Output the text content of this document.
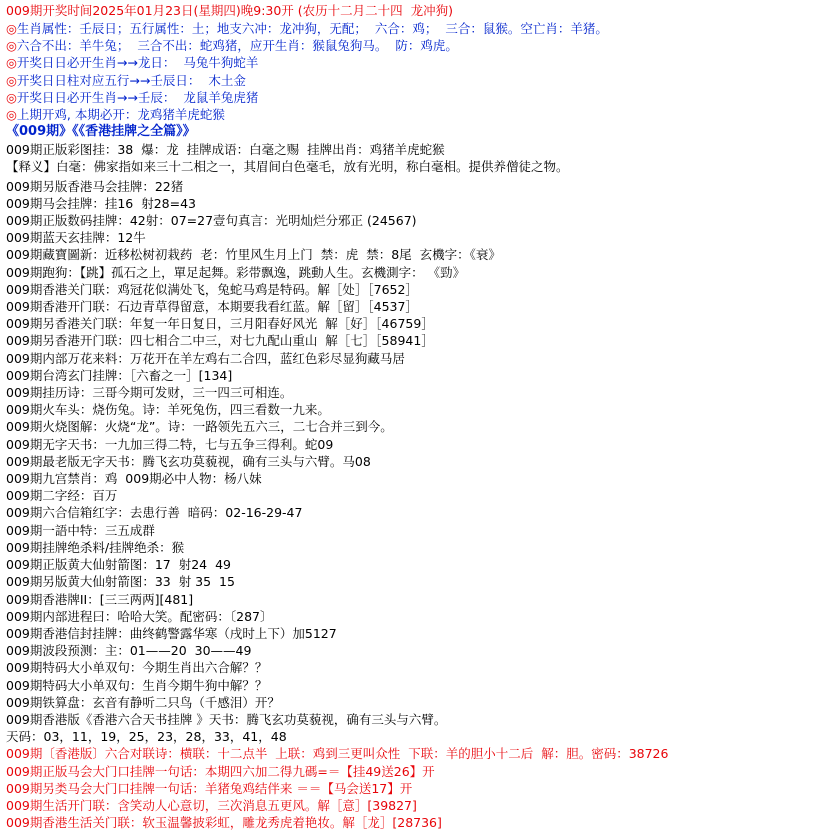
009期开奖时间2025年01月23日(星期四)晚9:30开 (农历十二月二十四  龙冲狗)
◎生肖属性：壬辰日；五行属性：土；地支六冲：龙冲狗，无配；  六合：鸡；  三合：鼠猴。空亡肖：羊猪。
◎六合不出：羊牛兔；  三合不出：蛇鸡猪，应开生肖：猴鼠兔狗马。  防：鸡虎。
◎开奖日日必开生肖→→龙日：  马兔牛狗蛇羊
◎开奖日日柱对应五行→→壬辰日：  木土金
◎开奖日日必开生肖→→壬辰：  龙鼠羊兔虎猪
◎上期开鸡, 本期必开：龙鸡猪羊虎蛇猴
《009期》《《香港挂牌之全篇》》
009期正版彩图挂：38  爆：龙  挂牌成语：白毫之赐  挂牌出肖：鸡猪羊虎蛇猴
【释义】白毫：佛家指如来三十二相之一，其眉间白色毫毛，放有光明，称白毫相。提供养僧徒之物。
009期另版香港马会挂牌：22猪
009期马会挂牌：挂16  射28=43
009期正版数码挂牌：42射：07=27壹句真言：光明灿烂分邪正 (24567)
009期蓝天玄挂牌：12牛
009期藏寶圖新：近移松树初栽药  老：竹里风生月上门  禁：虎  禁：8尾  玄機字：《衰》
009期跑狗：【跳】孤石之上，單足起舞。彩带飘逸，跳動人生。玄機測字： 《勁》
009期香港关门联：鸡冠花似满处飞，兔蛇马鸡是特码。解［处］［7652］
009期香港开门联：石边青草得留意，本期要我看红蓝。解［留］［4537］
009期另香港关门联：年复一年日复日，三月阳春好风光  解［好］［46759］
009期另香港开门联：四七相合二中三，对七九配山重山  解［七］［58941］
009期内部万花来料：万花开在羊左鸡右二合四，蓝红色彩尽显狗藏马居
009期台湾玄门挂牌：［六畜之一］[134]
009期挂历诗：三哥今期可发财，三一四三可相连。
009期火车头：烧伤兔。诗：羊死兔伤，四三看数一九来。
009期火烧图解：火烧“龙”。诗：一路领先五六三，二七合并三到今。
009期无字天书：一九加三得二特，七与五争三得利。蛇09
009期最老版无字天书：腾飞玄功莫藐视，确有三头与六臂。马08
009期九宫禁肖：鸡  009期必中人物：杨八妹
009期二字经：百万
009期六合信箱红字：去患行善  暗码：02-16-29-47
009期一語中特：三五成群
009期挂牌绝杀料/挂牌绝杀：猴
009期正版黄大仙射箭图：17  射24  49
009期另版黄大仙射箭图：33  射 35  15
009期香港牌II：[三三两两][481]
009期内部进程曰：哈哈大笑。配密码：〔287〕
009期香港信封挂牌：曲终鹤警露华寒（戌时上下）加5127
009期波段预测：主：01——20  30——49
009期特码大小单双句：今期生肖出六合解？？
009期特码大小单双句：生肖今期牛狗中解？？
009期铁算盘：玄音有静听二只鸟（千感泪）开？
009期香港版《香港六合天书挂牌 》天书：腾飞玄功莫藐视，确有三头与六臂。
天码：03，11，19，25，23，28，33，41，48
009期〔香港版〕六合对联诗：横联：十二点半  上联：鸡到三更叫众性  下联：羊的胆小十二后  解：胆。密码：38726
009期正版马会大门口挂牌一句话：本期四六加二得九碼=＝【挂49送26】开
009期另类马会大门口挂牌一句话：羊猪兔鸡结伴来 ＝＝【马会送17】开
009期生活开门联：含笑动人心意切，三次消息五更风。解［意］[39827]
009期香港生活关门联：软玉温馨披彩虹，雕龙秀虎着艳妆。解［龙］[28736]
